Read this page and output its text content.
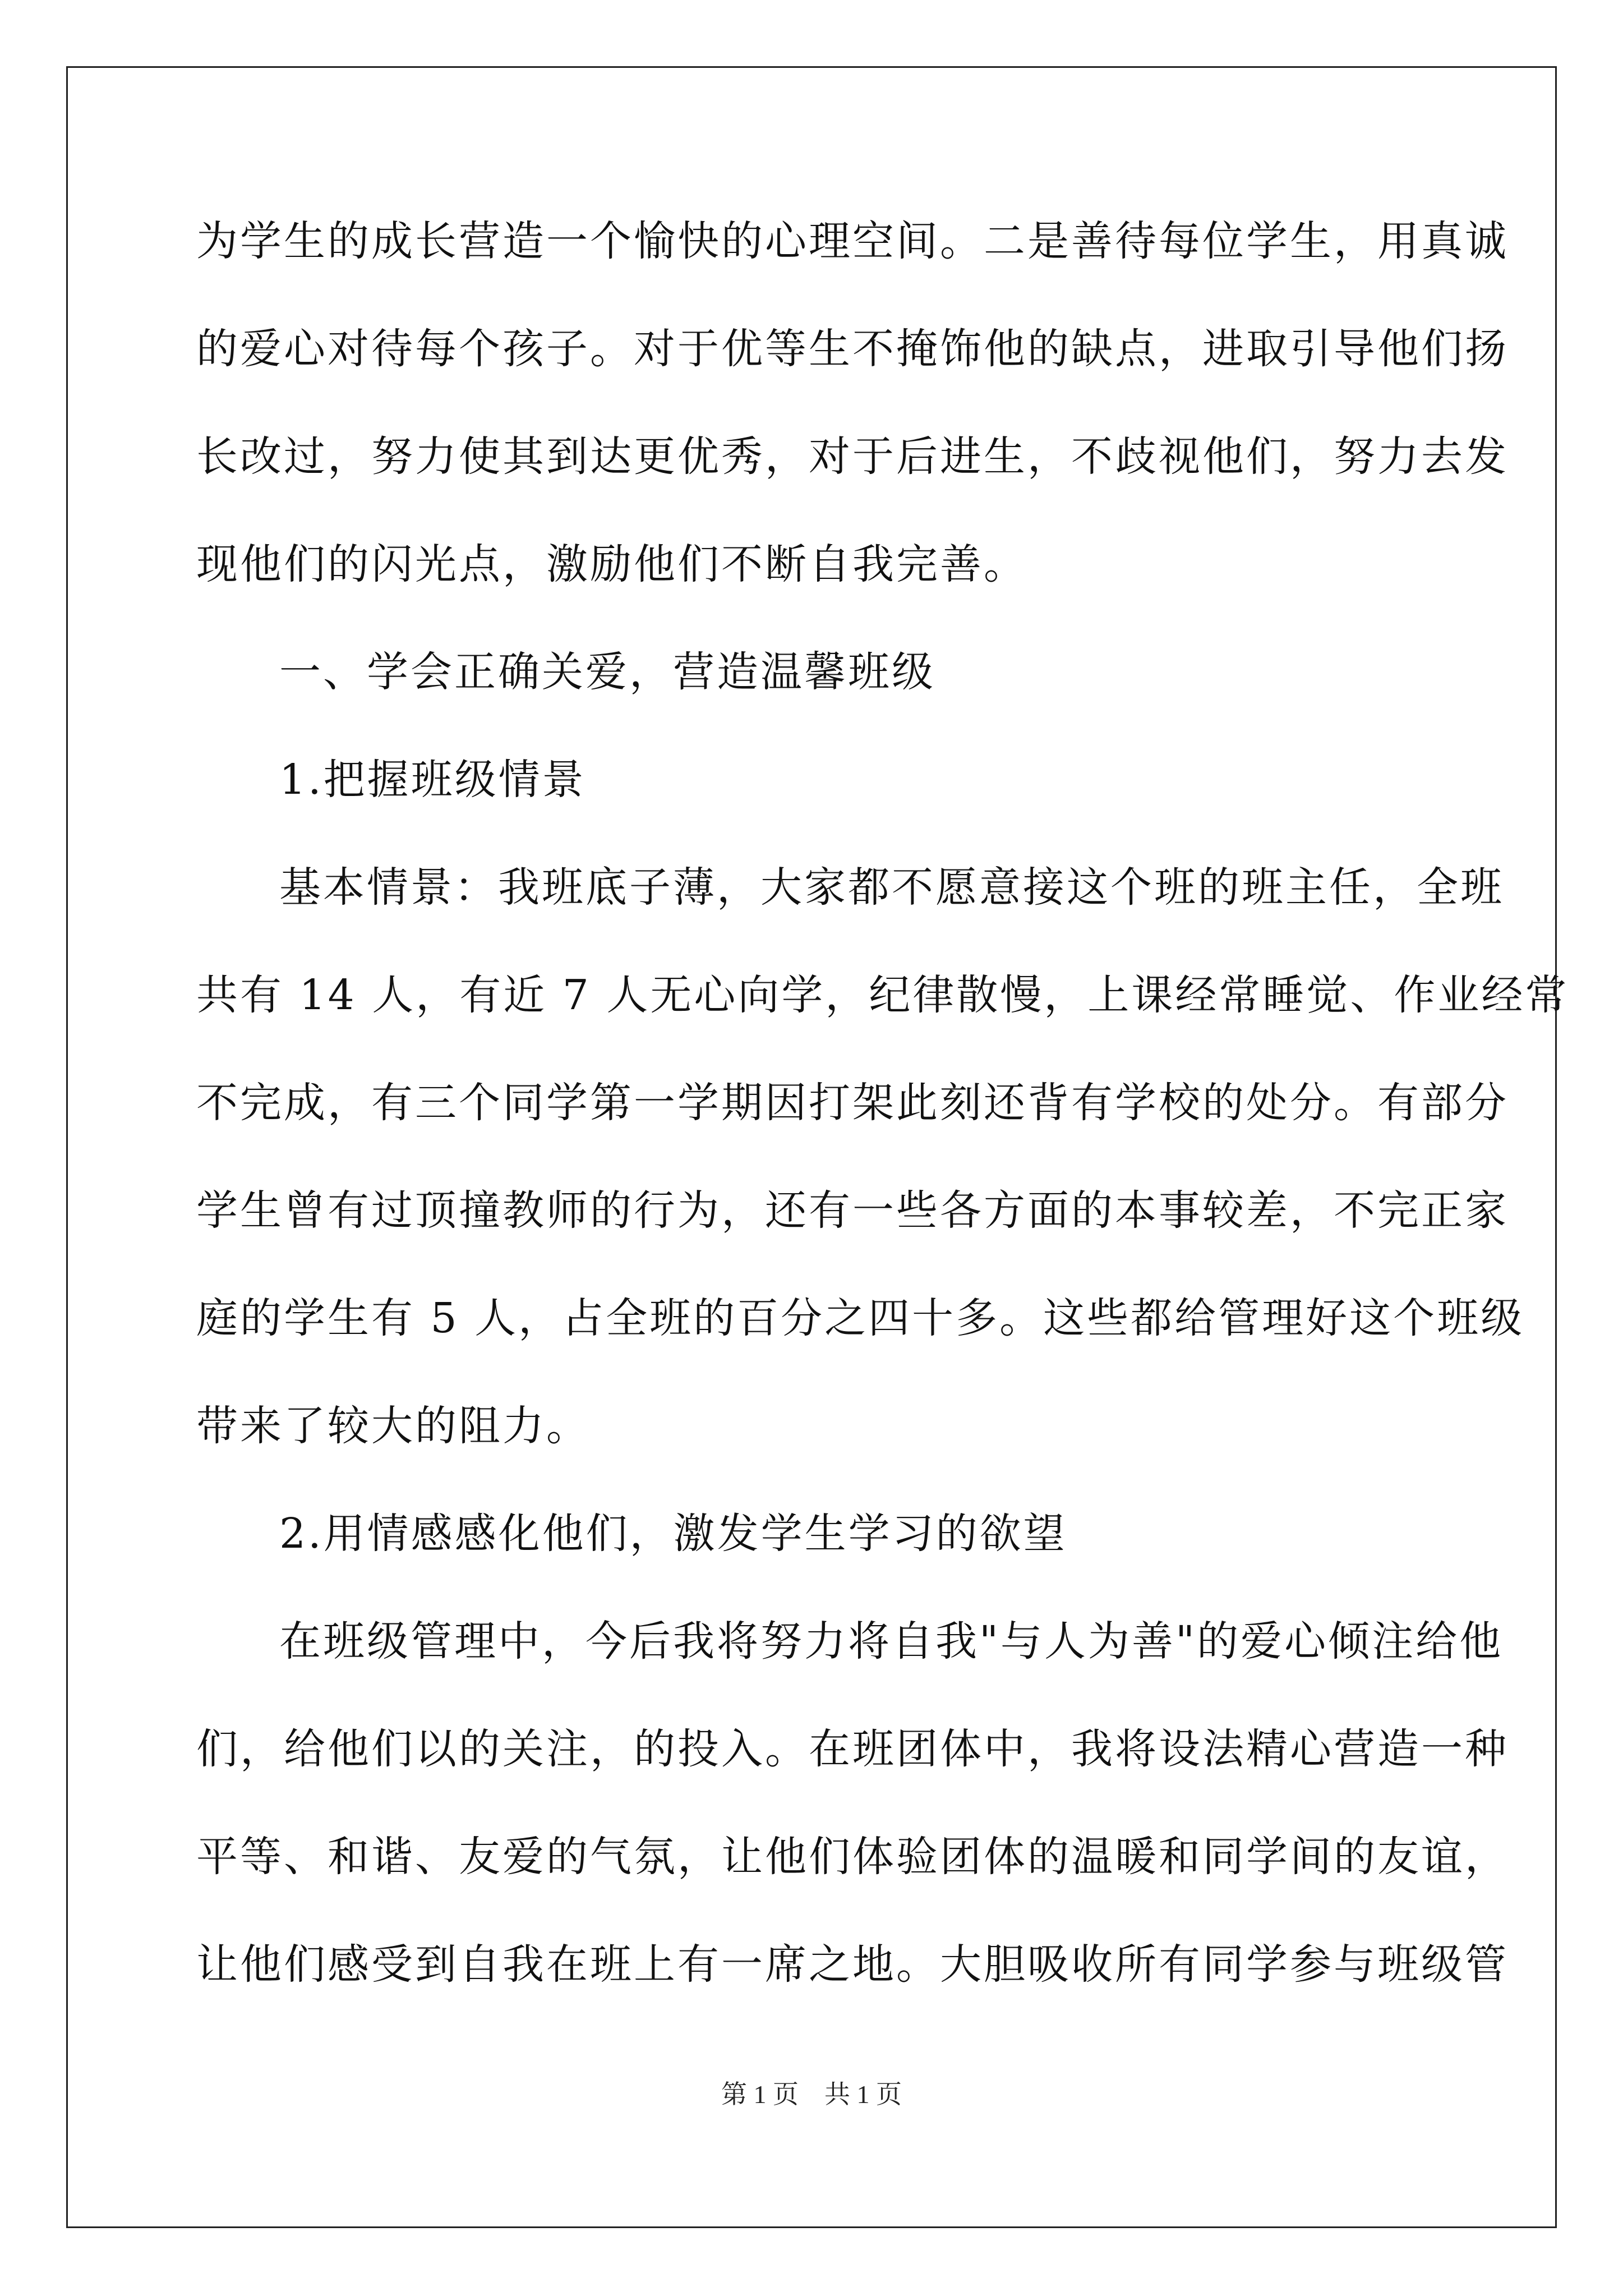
为学生的成长营造一个愉快的心理空间。二是善待每位学生，用真诚
的爱心对待每个孩子。对于优等生不掩饰他的缺点，进取引导他们扬
长改过，努力使其到达更优秀，对于后进生，不歧视他们，努力去发
现他们的闪光点，激励他们不断自我完善。
一、学会正确关爱，营造温馨班级
1.把握班级情景
基本情景：我班底子薄，大家都不愿意接这个班的班主任，全班
共有 14 人，有近 7 人无心向学，纪律散慢，上课经常睡觉、作业经常
不完成，有三个同学第一学期因打架此刻还背有学校的处分。有部分
学生曾有过顶撞教师的行为，还有一些各方面的本事较差，不完正家
庭的学生有 5 人，占全班的百分之四十多。这些都给管理好这个班级
带来了较大的阻力。
2.用情感感化他们，激发学生学习的欲望
在班级管理中，今后我将努力将自我"与人为善"的爱心倾注给他
们，给他们以的关注，的投入。在班团体中，我将设法精心营造一种
平等、和谐、友爱的气氛，让他们体验团体的温暖和同学间的友谊，
让他们感受到自我在班上有一席之地。大胆吸收所有同学参与班级管
第 1 页　共 1 页
